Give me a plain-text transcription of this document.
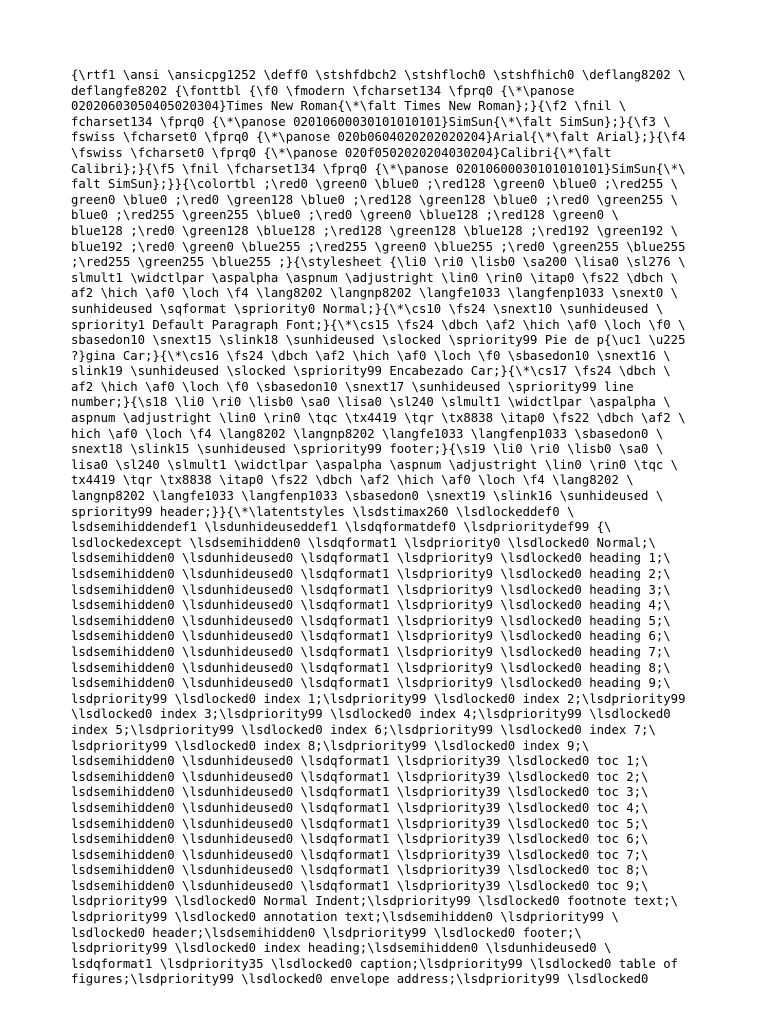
{\rtf1 \ansi \ansicpg1252 \deff0 \stshfdbch2 \stshfloch0 \stshfhich0 \deflang8202 \
deflangfe8202 {\fonttbl {\f0 \fmodern \fcharset134 \fprq0 {\*\panose
02020603050405020304}Times New Roman{\*\falt Times New Roman};}{\f2 \fnil \
fcharset134 \fprq0 {\*\panose 02010600030101010101}SimSun{\*\falt SimSun};}{\f3 \
fswiss \fcharset0 \fprq0 {\*\panose 020b0604020202020204}Arial{\*\falt Arial};}{\f4
\fswiss \fcharset0 \fprq0 {\*\panose 020f0502020204030204}Calibri{\*\falt
Calibri};}{\f5 \fnil \fcharset134 \fprq0 {\*\panose 02010600030101010101}SimSun{\*\
falt SimSun};}}{\colortbl ;\red0 \green0 \blue0 ;\red128 \green0 \blue0 ;\red255 \
green0 \blue0 ;\red0 \green128 \blue0 ;\red128 \green128 \blue0 ;\red0 \green255 \
blue0 ;\red255 \green255 \blue0 ;\red0 \green0 \blue128 ;\red128 \green0 \
blue128 ;\red0 \green128 \blue128 ;\red128 \green128 \blue128 ;\red192 \green192 \
blue192 ;\red0 \green0 \blue255 ;\red255 \green0 \blue255 ;\red0 \green255 \blue255
;\red255 \green255 \blue255 ;}{\stylesheet {\li0 \ri0 \lisb0 \sa200 \lisa0 \sl276 \
slmult1 \widctlpar \aspalpha \aspnum \adjustright \lin0 \rin0 \itap0 \fs22 \dbch \
af2 \hich \af0 \loch \f4 \lang8202 \langnp8202 \langfe1033 \langfenp1033 \snext0 \
sunhideused \sqformat \spriority0 Normal;}{\*\cs10 \fs24 \snext10 \sunhideused \
spriority1 Default Paragraph Font;}{\*\cs15 \fs24 \dbch \af2 \hich \af0 \loch \f0 \
sbasedon10 \snext15 \slink18 \sunhideused \slocked \spriority99 Pie de p{\uc1 \u225
?}gina Car;}{\*\cs16 \fs24 \dbch \af2 \hich \af0 \loch \f0 \sbasedon10 \snext16 \
slink19 \sunhideused \slocked \spriority99 Encabezado Car;}{\*\cs17 \fs24 \dbch \
af2 \hich \af0 \loch \f0 \sbasedon10 \snext17 \sunhideused \spriority99 line
number;}{\s18 \li0 \ri0 \lisb0 \sa0 \lisa0 \sl240 \slmult1 \widctlpar \aspalpha \
aspnum \adjustright \lin0 \rin0 \tqc \tx4419 \tqr \tx8838 \itap0 \fs22 \dbch \af2 \
hich \af0 \loch \f4 \lang8202 \langnp8202 \langfe1033 \langfenp1033 \sbasedon0 \
snext18 \slink15 \sunhideused \spriority99 footer;}{\s19 \li0 \ri0 \lisb0 \sa0 \
lisa0 \sl240 \slmult1 \widctlpar \aspalpha \aspnum \adjustright \lin0 \rin0 \tqc \
tx4419 \tqr \tx8838 \itap0 \fs22 \dbch \af2 \hich \af0 \loch \f4 \lang8202 \
langnp8202 \langfe1033 \langfenp1033 \sbasedon0 \snext19 \slink16 \sunhideused \
spriority99 header;}}{\*\latentstyles \lsdstimax260 \lsdlockeddef0 \
lsdsemihiddendef1 \lsdunhideuseddef1 \lsdqformatdef0 \lsdprioritydef99 {\
lsdlockedexcept \lsdsemihidden0 \lsdqformat1 \lsdpriority0 \lsdlocked0 Normal;\
lsdsemihidden0 \lsdunhideused0 \lsdqformat1 \lsdpriority9 \lsdlocked0 heading 1;\
lsdsemihidden0 \lsdunhideused0 \lsdqformat1 \lsdpriority9 \lsdlocked0 heading 2;\
lsdsemihidden0 \lsdunhideused0 \lsdqformat1 \lsdpriority9 \lsdlocked0 heading 3;\
lsdsemihidden0 \lsdunhideused0 \lsdqformat1 \lsdpriority9 \lsdlocked0 heading 4;\
lsdsemihidden0 \lsdunhideused0 \lsdqformat1 \lsdpriority9 \lsdlocked0 heading 5;\
lsdsemihidden0 \lsdunhideused0 \lsdqformat1 \lsdpriority9 \lsdlocked0 heading 6;\
lsdsemihidden0 \lsdunhideused0 \lsdqformat1 \lsdpriority9 \lsdlocked0 heading 7;\
lsdsemihidden0 \lsdunhideused0 \lsdqformat1 \lsdpriority9 \lsdlocked0 heading 8;\
lsdsemihidden0 \lsdunhideused0 \lsdqformat1 \lsdpriority9 \lsdlocked0 heading 9;\
lsdpriority99 \lsdlocked0 index 1;\lsdpriority99 \lsdlocked0 index 2;\lsdpriority99
\lsdlocked0 index 3;\lsdpriority99 \lsdlocked0 index 4;\lsdpriority99 \lsdlocked0
index 5;\lsdpriority99 \lsdlocked0 index 6;\lsdpriority99 \lsdlocked0 index 7;\
lsdpriority99 \lsdlocked0 index 8;\lsdpriority99 \lsdlocked0 index 9;\
lsdsemihidden0 \lsdunhideused0 \lsdqformat1 \lsdpriority39 \lsdlocked0 toc 1;\
lsdsemihidden0 \lsdunhideused0 \lsdqformat1 \lsdpriority39 \lsdlocked0 toc 2;\
lsdsemihidden0 \lsdunhideused0 \lsdqformat1 \lsdpriority39 \lsdlocked0 toc 3;\
lsdsemihidden0 \lsdunhideused0 \lsdqformat1 \lsdpriority39 \lsdlocked0 toc 4;\
lsdsemihidden0 \lsdunhideused0 \lsdqformat1 \lsdpriority39 \lsdlocked0 toc 5;\
lsdsemihidden0 \lsdunhideused0 \lsdqformat1 \lsdpriority39 \lsdlocked0 toc 6;\
lsdsemihidden0 \lsdunhideused0 \lsdqformat1 \lsdpriority39 \lsdlocked0 toc 7;\
lsdsemihidden0 \lsdunhideused0 \lsdqformat1 \lsdpriority39 \lsdlocked0 toc 8;\
lsdsemihidden0 \lsdunhideused0 \lsdqformat1 \lsdpriority39 \lsdlocked0 toc 9;\
lsdpriority99 \lsdlocked0 Normal Indent;\lsdpriority99 \lsdlocked0 footnote text;\
lsdpriority99 \lsdlocked0 annotation text;\lsdsemihidden0 \lsdpriority99 \
lsdlocked0 header;\lsdsemihidden0 \lsdpriority99 \lsdlocked0 footer;\
lsdpriority99 \lsdlocked0 index heading;\lsdsemihidden0 \lsdunhideused0 \
lsdqformat1 \lsdpriority35 \lsdlocked0 caption;\lsdpriority99 \lsdlocked0 table of
figures;\lsdpriority99 \lsdlocked0 envelope address;\lsdpriority99 \lsdlocked0
